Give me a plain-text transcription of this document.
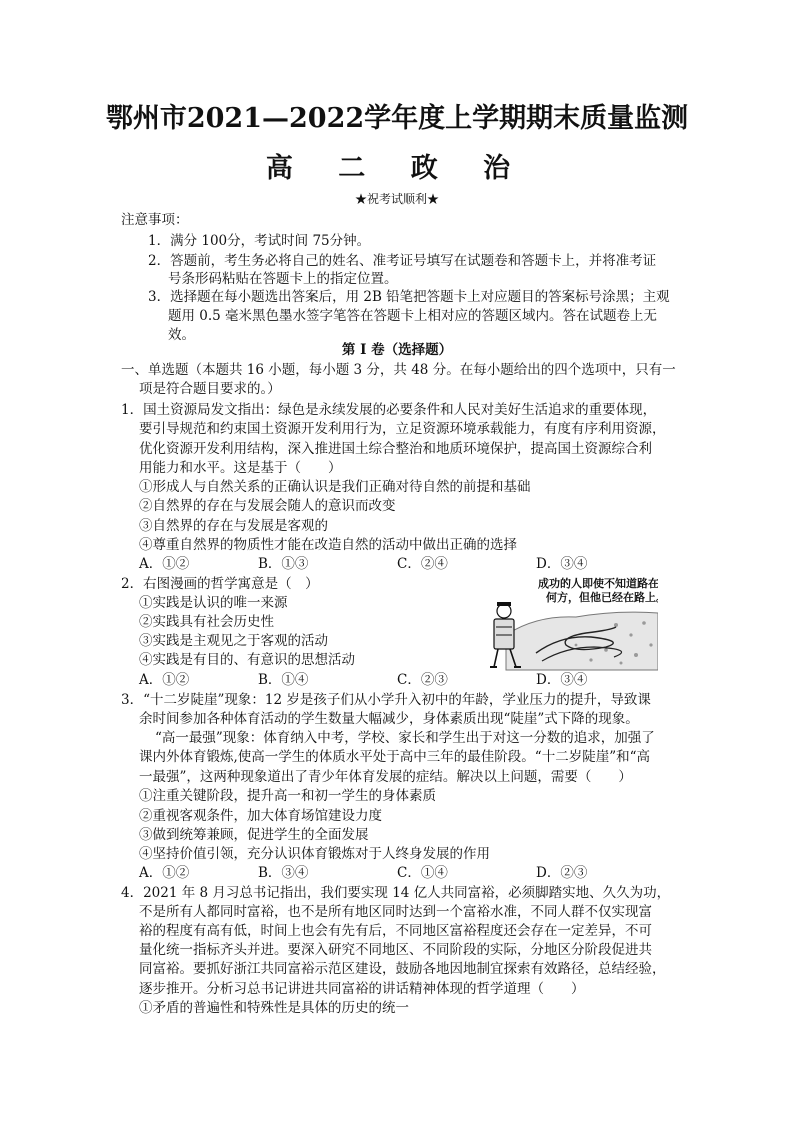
鄂州市2021—2022学年度上学期期末质量监测
高 二 政 治
★祝考试顺利★
注意事项：
1．满分 100分，考试时间 75分钟。
2．答题前，考生务必将自己的姓名、准考证号填写在试题卷和答题卡上，并将准考证
号条形码粘贴在答题卡上的指定位置。
3．选择题在每小题选出答案后，用 2B 铅笔把答题卡上对应题目的答案标号涂黑；主观
题用 0.5 毫米黑色墨水签字笔答在答题卡上相对应的答题区域内。答在试题卷上无
效。
第 Ⅰ 卷（选择题）
一、单选题（本题共 16 小题，每小题 3 分，共 48 分。在每小题给出的四个选项中，只有一
项是符合题目要求的。）
1．国土资源局发文指出：绿色是永续发展的必要条件和人民对美好生活追求的重要体现，
要引导规范和约束国土资源开发利用行为，立足资源环境承载能力，有度有序利用资源，
优化资源开发利用结构，深入推进国土综合整治和地质环境保护，提高国土资源综合利
用能力和水平。这是基于（　　）
①形成人与自然关系的正确认识是我们正确对待自然的前提和基础
②自然界的存在与发展会随人的意识而改变
③自然界的存在与发展是客观的
④尊重自然界的物质性才能在改造自然的活动中做出正确的选择
A．①②	B．①③	C．②④	D．③④
2．右图漫画的哲学寓意是（　）
①实践是认识的唯一来源
②实践具有社会历史性
③实践是主观见之于客观的活动
④实践是有目的、有意识的思想活动
成功的人即使不知道路在
何方，但他已经在路上。
A．①②	B．①④	C．②③	D．③④
3．“十二岁陡崖”现象：12 岁是孩子们从小学升入初中的年龄，学业压力的提升，导致课
余时间参加各种体育活动的学生数量大幅减少，身体素质出现“陡崖”式下降的现象。
“高一最强”现象：体育纳入中考，学校、家长和学生出于对这一分数的追求，加强了
课内外体育锻炼,使高一学生的体质水平处于高中三年的最佳阶段。“十二岁陡崖”和“高
一最强”，这两种现象道出了青少年体育发展的症结。解决以上问题，需要（　　）
①注重关键阶段，提升高一和初一学生的身体素质
②重视客观条件，加大体育场馆建设力度
③做到统筹兼顾，促进学生的全面发展
④坚持价值引领，充分认识体育锻炼对于人终身发展的作用
A．①②	B．③④	C．①④	D．②③
4．2021 年 8 月习总书记指出，我们要实现 14 亿人共同富裕，必须脚踏实地、久久为功，
不是所有人都同时富裕，也不是所有地区同时达到一个富裕水准，不同人群不仅实现富
裕的程度有高有低，时间上也会有先有后，不同地区富裕程度还会存在一定差异，不可
量化统一指标齐头并进。要深入研究不同地区、不同阶段的实际，分地区分阶段促进共
同富裕。要抓好浙江共同富裕示范区建设，鼓励各地因地制宜探索有效路径，总结经验，
逐步推开。分析习总书记讲进共同富裕的讲话精神体现的哲学道理（　　）
①矛盾的普遍性和特殊性是具体的历史的统一
